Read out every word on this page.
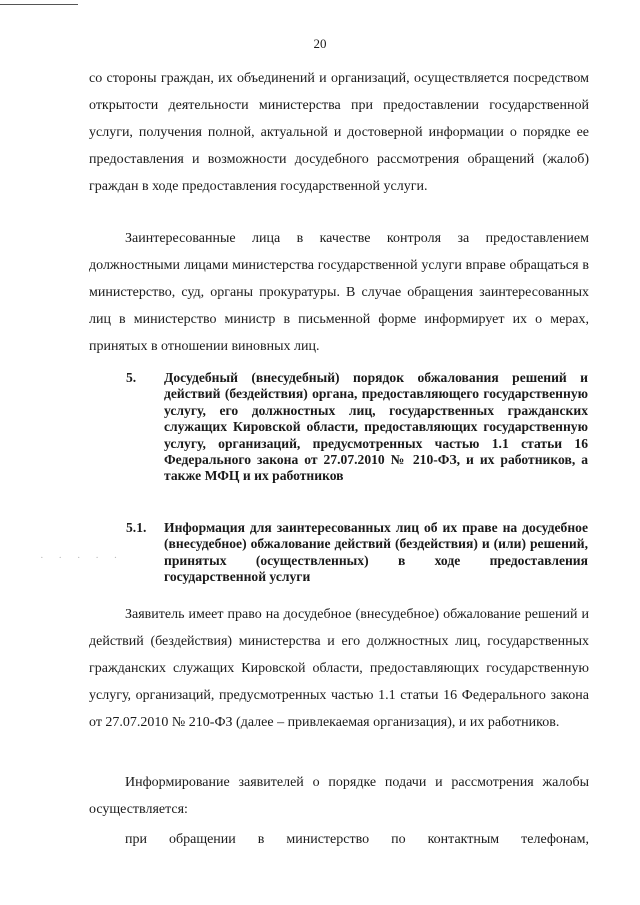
20
со стороны граждан, их объединений и организаций, осуществляется посредством открытости деятельности министерства при предоставлении государственной услуги, получения полной, актуальной и достоверной информации о порядке ее предоставления и возможности досудебного рассмотрения обращений (жалоб) граждан в ходе предоставления государственной услуги.
Заинтересованные лица в качестве контроля за предоставлением должностными лицами министерства государственной услуги вправе обращаться в министерство, суд, органы прокуратуры. В случае обращения заинтересованных лиц в министерство министр в письменной форме информирует их о мерах, принятых в отношении виновных лиц.
5. Досудебный (внесудебный) порядок обжалования решений и действий (бездействия) органа, предоставляющего государственную услугу, его должностных лиц, государственных гражданских служащих Кировской области, предоставляющих государственную услугу, организаций, предусмотренных частью 1.1 статьи 16 Федерального закона от 27.07.2010 № 210-ФЗ, и их работников, а также МФЦ и их работников
5.1. Информация для заинтересованных лиц об их праве на досудебное (внесудебное) обжалование действий (бездействия) и (или) решений, принятых (осуществленных) в ходе предоставления государственной услуги
· · · · ·
Заявитель имеет право на досудебное (внесудебное) обжалование решений и действий (бездействия) министерства и его должностных лиц, государственных гражданских служащих Кировской области, предоставляющих государственную услугу, организаций, предусмотренных частью 1.1 статьи 16 Федерального закона от 27.07.2010 № 210-ФЗ (далее – привлекаемая организация), и их работников.
Информирование заявителей о порядке подачи и рассмотрения жалобы осуществляется:
при обращении в министерство по контактным телефонам,
